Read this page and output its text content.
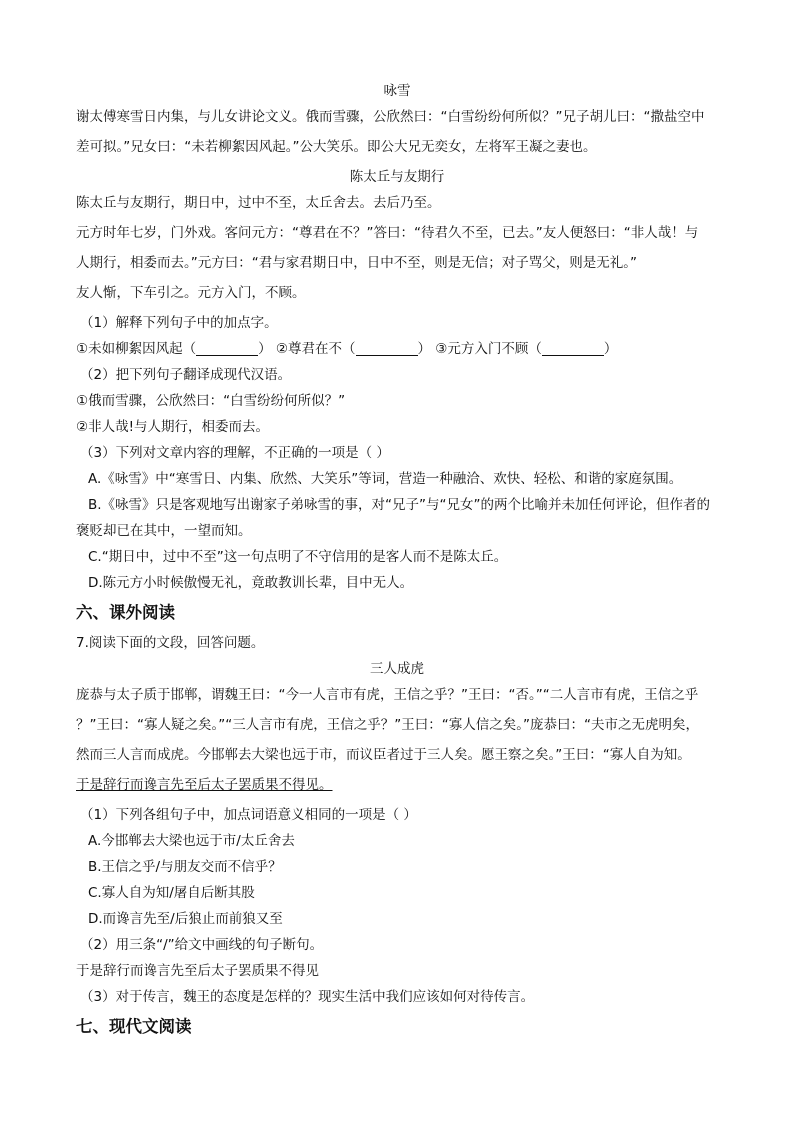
咏雪

谢太傅寒雪日内集，与儿女讲论文义。俄而雪骤，公欣然曰：“白雪纷纷何所似？”兄子胡儿曰：“撒盐空中

差可拟。”兄女曰：“未若柳絮因风起。”公大笑乐。即公大兄无奕女，左将军王凝之妻也。

陈太丘与友期行

陈太丘与友期行，期日中，过中不至，太丘舍去。去后乃至。

元方时年七岁，门外戏。客问元方：“尊君在不？”答曰：“待君久不至，已去。”友人便怒曰：“非人哉！与

人期行，相委而去。”元方曰：“君与家君期日中，日中不至，则是无信；对子骂父，则是无礼。”

友人惭，下车引之。元方入门，不顾。

（1）解释下列句子中的加点字。

①未如柳絮因风起（	） ②尊君在不（	） ③元方入门不顾（	）

（2）把下列句子翻译成现代汉语。

①俄而雪骤，公欣然曰：“白雪纷纷何所似？”

②非人哉!与人期行，相委而去。

（3）下列对文章内容的理解，不正确的一项是（ ）

A.《咏雪》中“寒雪日、内集、欣然、大笑乐”等词，营造一种融洽、欢快、轻松、和谐的家庭氛围。

B.《咏雪》只是客观地写出谢家子弟咏雪的事，对“兄子”与“兄女”的两个比喻并未加任何评论，但作者的

褒贬却已在其中，一望而知。

C.“期日中，过中不至”这一句点明了不守信用的是客人而不是陈太丘。

D.陈元方小时候傲慢无礼，竟敢教训长辈，目中无人。

六、课外阅读

7.阅读下面的文段，回答问题。

三人成虎

庞恭与太子质于邯郸，谓魏王曰：“今一人言市有虎，王信之乎？”王曰：“否。”“二人言市有虎，王信之乎

？”王曰：“寡人疑之矣。”“三人言市有虎，王信之乎？”王曰：“寡人信之矣。”庞恭曰：“夫市之无虎明矣，

然而三人言而成虎。今邯郸去大梁也远于市，而议臣者过于三人矣。愿王察之矣。”王曰：“寡人自为知。

于是辞行而谗言先至后太子罢质果不得见。

（1）下列各组句子中，加点词语意义相同的一项是（ ）

A.今邯郸去大梁也远于市/太丘舍去

B.王信之乎/与朋友交而不信乎？

C.寡人自为知/屠自后断其股

D.而谗言先至/后狼止而前狼又至

（2）用三条“/”给文中画线的句子断句。

于是辞行而谗言先至后太子罢质果不得见

（3）对于传言，魏王的态度是怎样的？现实生活中我们应该如何对待传言。

七、现代文阅读
